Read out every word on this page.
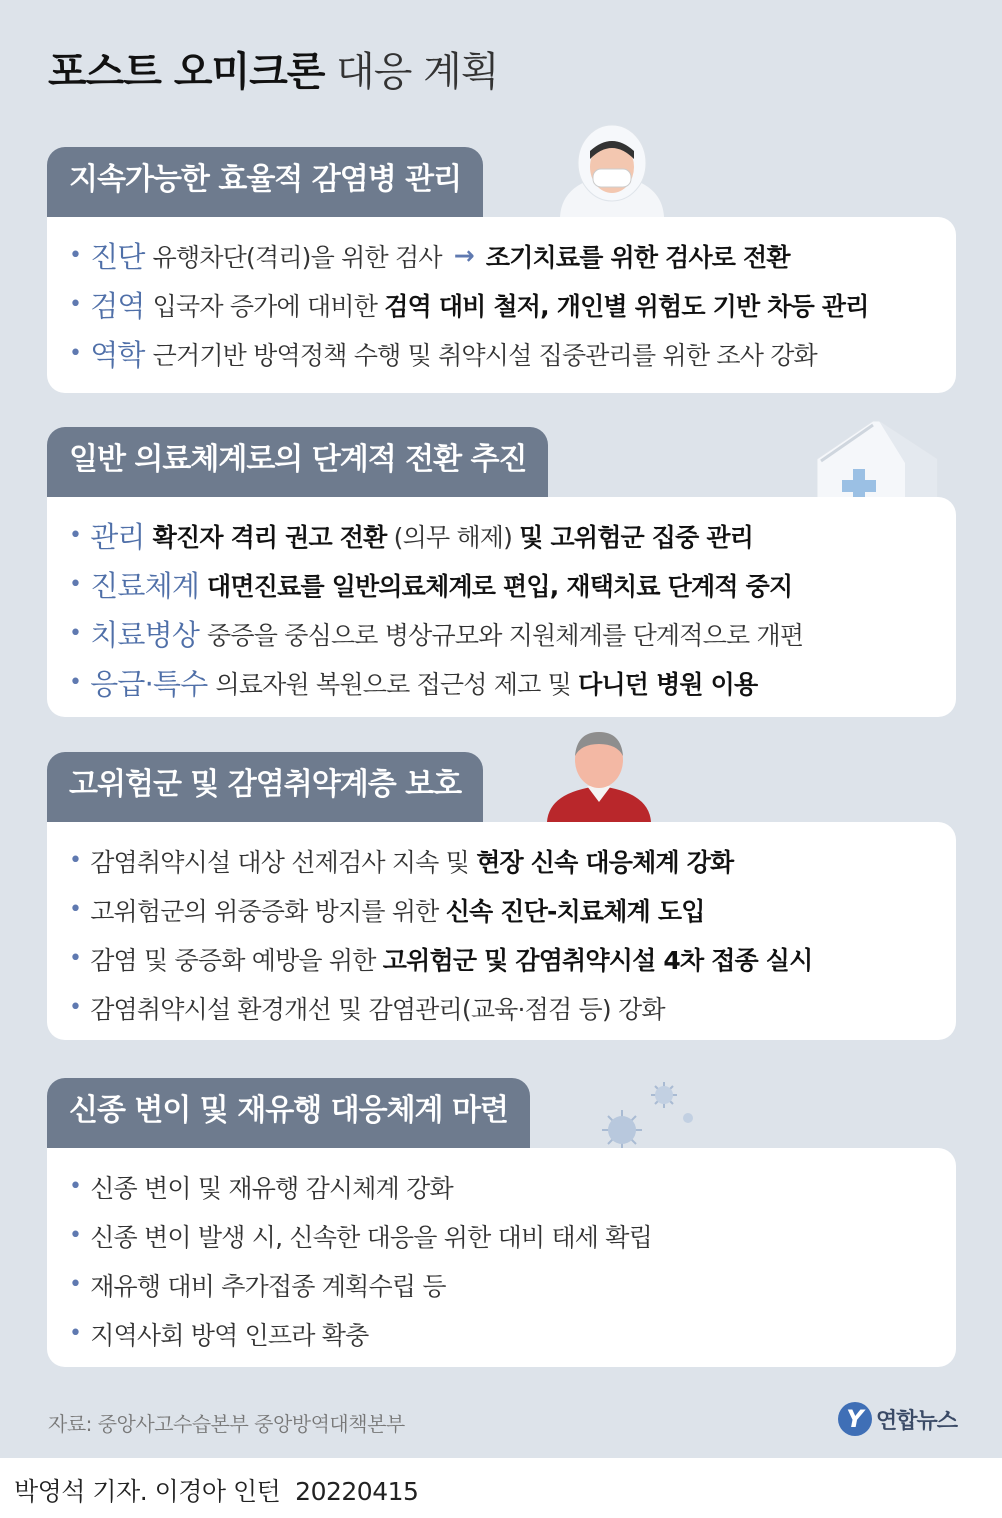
포스트 오미크론 대응 계획
지속가능한 효율적 감염병 관리
• 진단 유행차단(격리)을 위한 검사 → 조기치료를 위한 검사로 전환
• 검역 입국자 증가에 대비한 검역 대비 철저, 개인별 위험도 기반 차등 관리
• 역학 근거기반 방역정책 수행 및 취약시설 집중관리를 위한 조사 강화
일반 의료체계로의 단계적 전환 추진
• 관리 확진자 격리 권고 전환 (의무 해제) 및 고위험군 집중 관리
• 진료체계 대면진료를 일반의료체계로 편입, 재택치료 단계적 중지
• 치료병상 중증을 중심으로 병상규모와 지원체계를 단계적으로 개편
• 응급·특수 의료자원 복원으로 접근성 제고 및 다니던 병원 이용
고위험군 및 감염취약계층 보호
• 감염취약시설 대상 선제검사 지속 및 현장 신속 대응체계 강화
• 고위험군의 위중증화 방지를 위한 신속 진단-치료체계 도입
• 감염 및 중증화 예방을 위한 고위험군 및 감염취약시설 4차 접종 실시
• 감염취약시설 환경개선 및 감염관리(교육·점검 등) 강화
신종 변이 및 재유행 대응체계 마련
• 신종 변이 및 재유행 감시체계 강화
• 신종 변이 발생 시, 신속한 대응을 위한 대비 태세 확립
• 재유행 대비 추가접종 계획수립 등
• 지역사회 방역 인프라 확충
자료: 중앙사고수습본부 중앙방역대책본부	Y 연합뉴스
박영석 기자. 이경아 인턴  20220415
